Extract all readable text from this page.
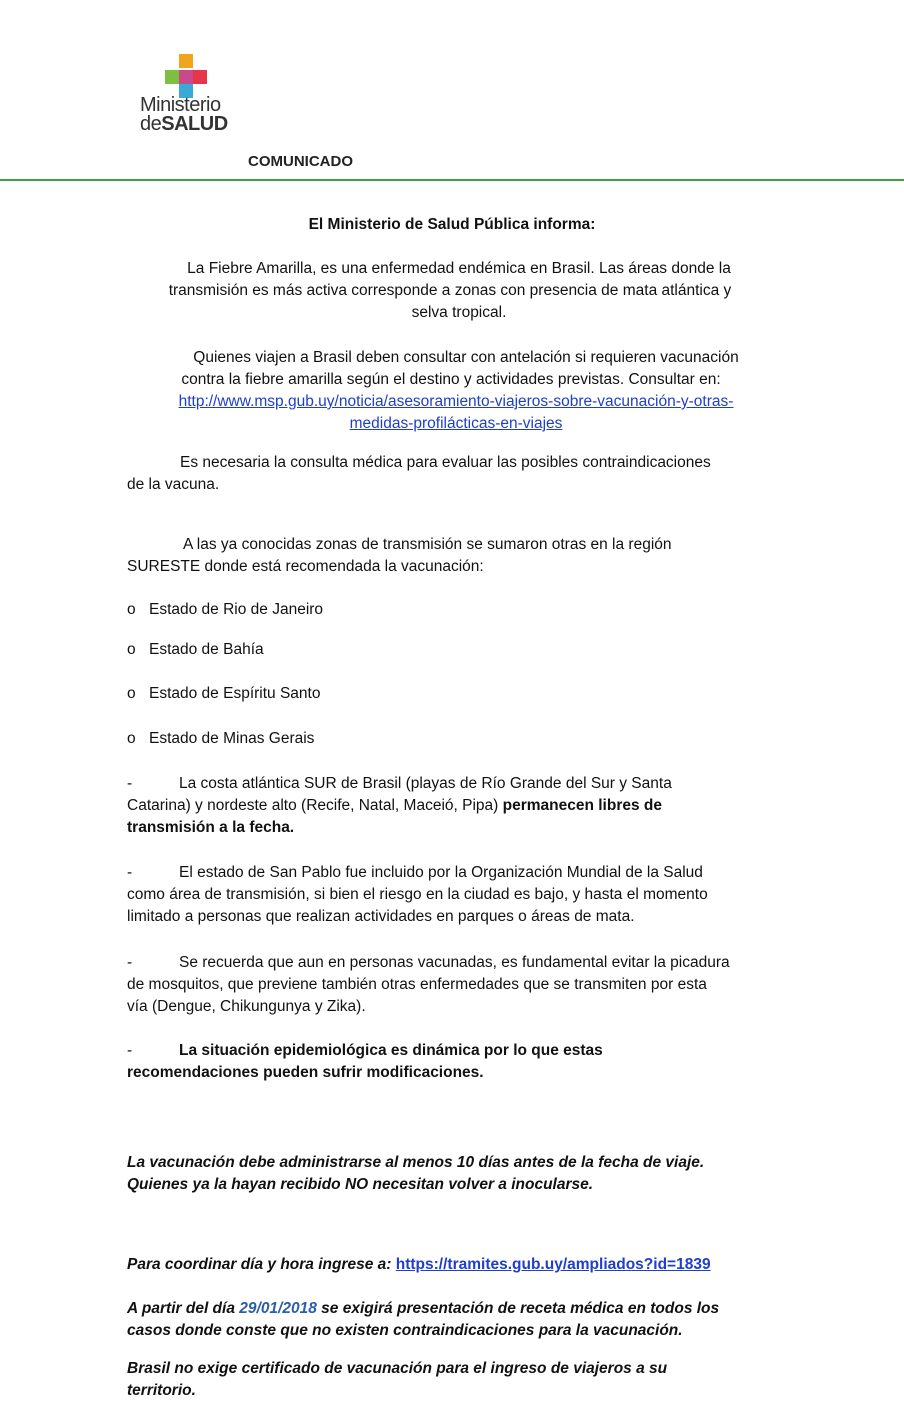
Ministerio
deSALUD
COMUNICADO
El Ministerio de Salud Pública informa:
La Fiebre Amarilla, es una enfermedad endémica en Brasil. Las áreas donde la
transmisión es más activa corresponde a zonas con presencia de mata atlántica y
selva tropical.
Quienes viajen a Brasil deben consultar con antelación si requieren vacunación
contra la fiebre amarilla según el destino y actividades previstas. Consultar en:
http://www.msp.gub.uy/noticia/asesoramiento-viajeros-sobre-vacunación-y-otras-
medidas-profilácticas-en-viajes
Es necesaria la consulta médica para evaluar las posibles contraindicaciones
de la vacuna.
A las ya conocidas zonas de transmisión se sumaron otras en la región
SURESTE donde está recomendada la vacunación:
o Estado de Rio de Janeiro
o Estado de Bahía
o Estado de Espíritu Santo
o Estado de Minas Gerais
-	La costa atlántica SUR de Brasil (playas de Río Grande del Sur y Santa
Catarina) y nordeste alto (Recife, Natal, Maceió, Pipa) permanecen libres de
transmisión a la fecha.
-	El estado de San Pablo fue incluido por la Organización Mundial de la Salud
como área de transmisión, si bien el riesgo en la ciudad es bajo, y hasta el momento
limitado a personas que realizan actividades en parques o áreas de mata.
-	Se recuerda que aun en personas vacunadas, es fundamental evitar la picadura
de mosquitos, que previene también otras enfermedades que se transmiten por esta
vía (Dengue, Chikungunya y Zika).
-	La situación epidemiológica es dinámica por lo que estas
recomendaciones pueden sufrir modificaciones.
La vacunación debe administrarse al menos 10 días antes de la fecha de viaje.
Quienes ya la hayan recibido NO necesitan volver a inocularse.
Para coordinar día y hora ingrese a: https://tramites.gub.uy/ampliados?id=1839
A partir del día 29/01/2018 se exigirá presentación de receta médica en todos los
casos donde conste que no existen contraindicaciones para la vacunación.
Brasil no exige certificado de vacunación para el ingreso de viajeros a su
territorio.
